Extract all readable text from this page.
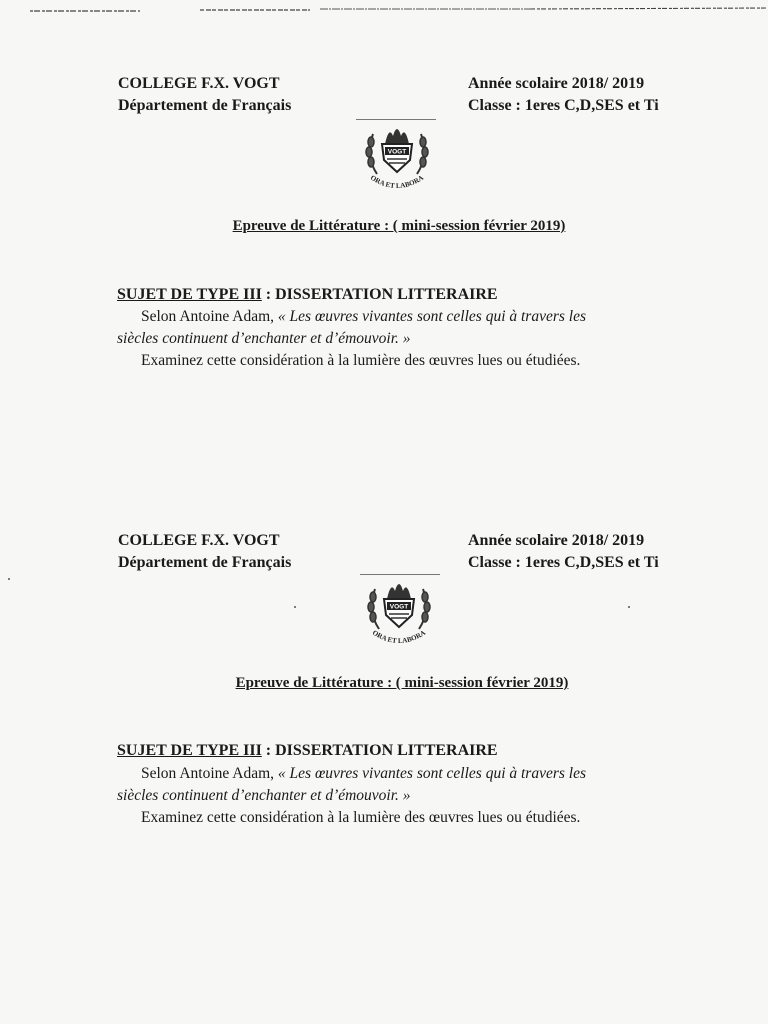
COLLEGE F.X. VOGT
Département de Français
Année scolaire 2018/ 2019
Classe : 1eres C,D,SES et Ti
VOGT
ORA ET LABORA
Epreuve de Littérature : ( mini-session février 2019)
SUJET DE TYPE III : DISSERTATION LITTERAIRE
Selon Antoine Adam, « Les œuvres vivantes sont celles qui à travers les
siècles continuent d’enchanter et d’émouvoir. »
Examinez cette considération à la lumière des œuvres lues ou étudiées.
COLLEGE F.X. VOGT
Département de Français
Année scolaire 2018/ 2019
Classe : 1eres C,D,SES et Ti
VOGT
ORA ET LABORA
Epreuve de Littérature : ( mini-session février 2019)
SUJET DE TYPE III : DISSERTATION LITTERAIRE
Selon Antoine Adam, « Les œuvres vivantes sont celles qui à travers les
siècles continuent d’enchanter et d’émouvoir. »
Examinez cette considération à la lumière des œuvres lues ou étudiées.
